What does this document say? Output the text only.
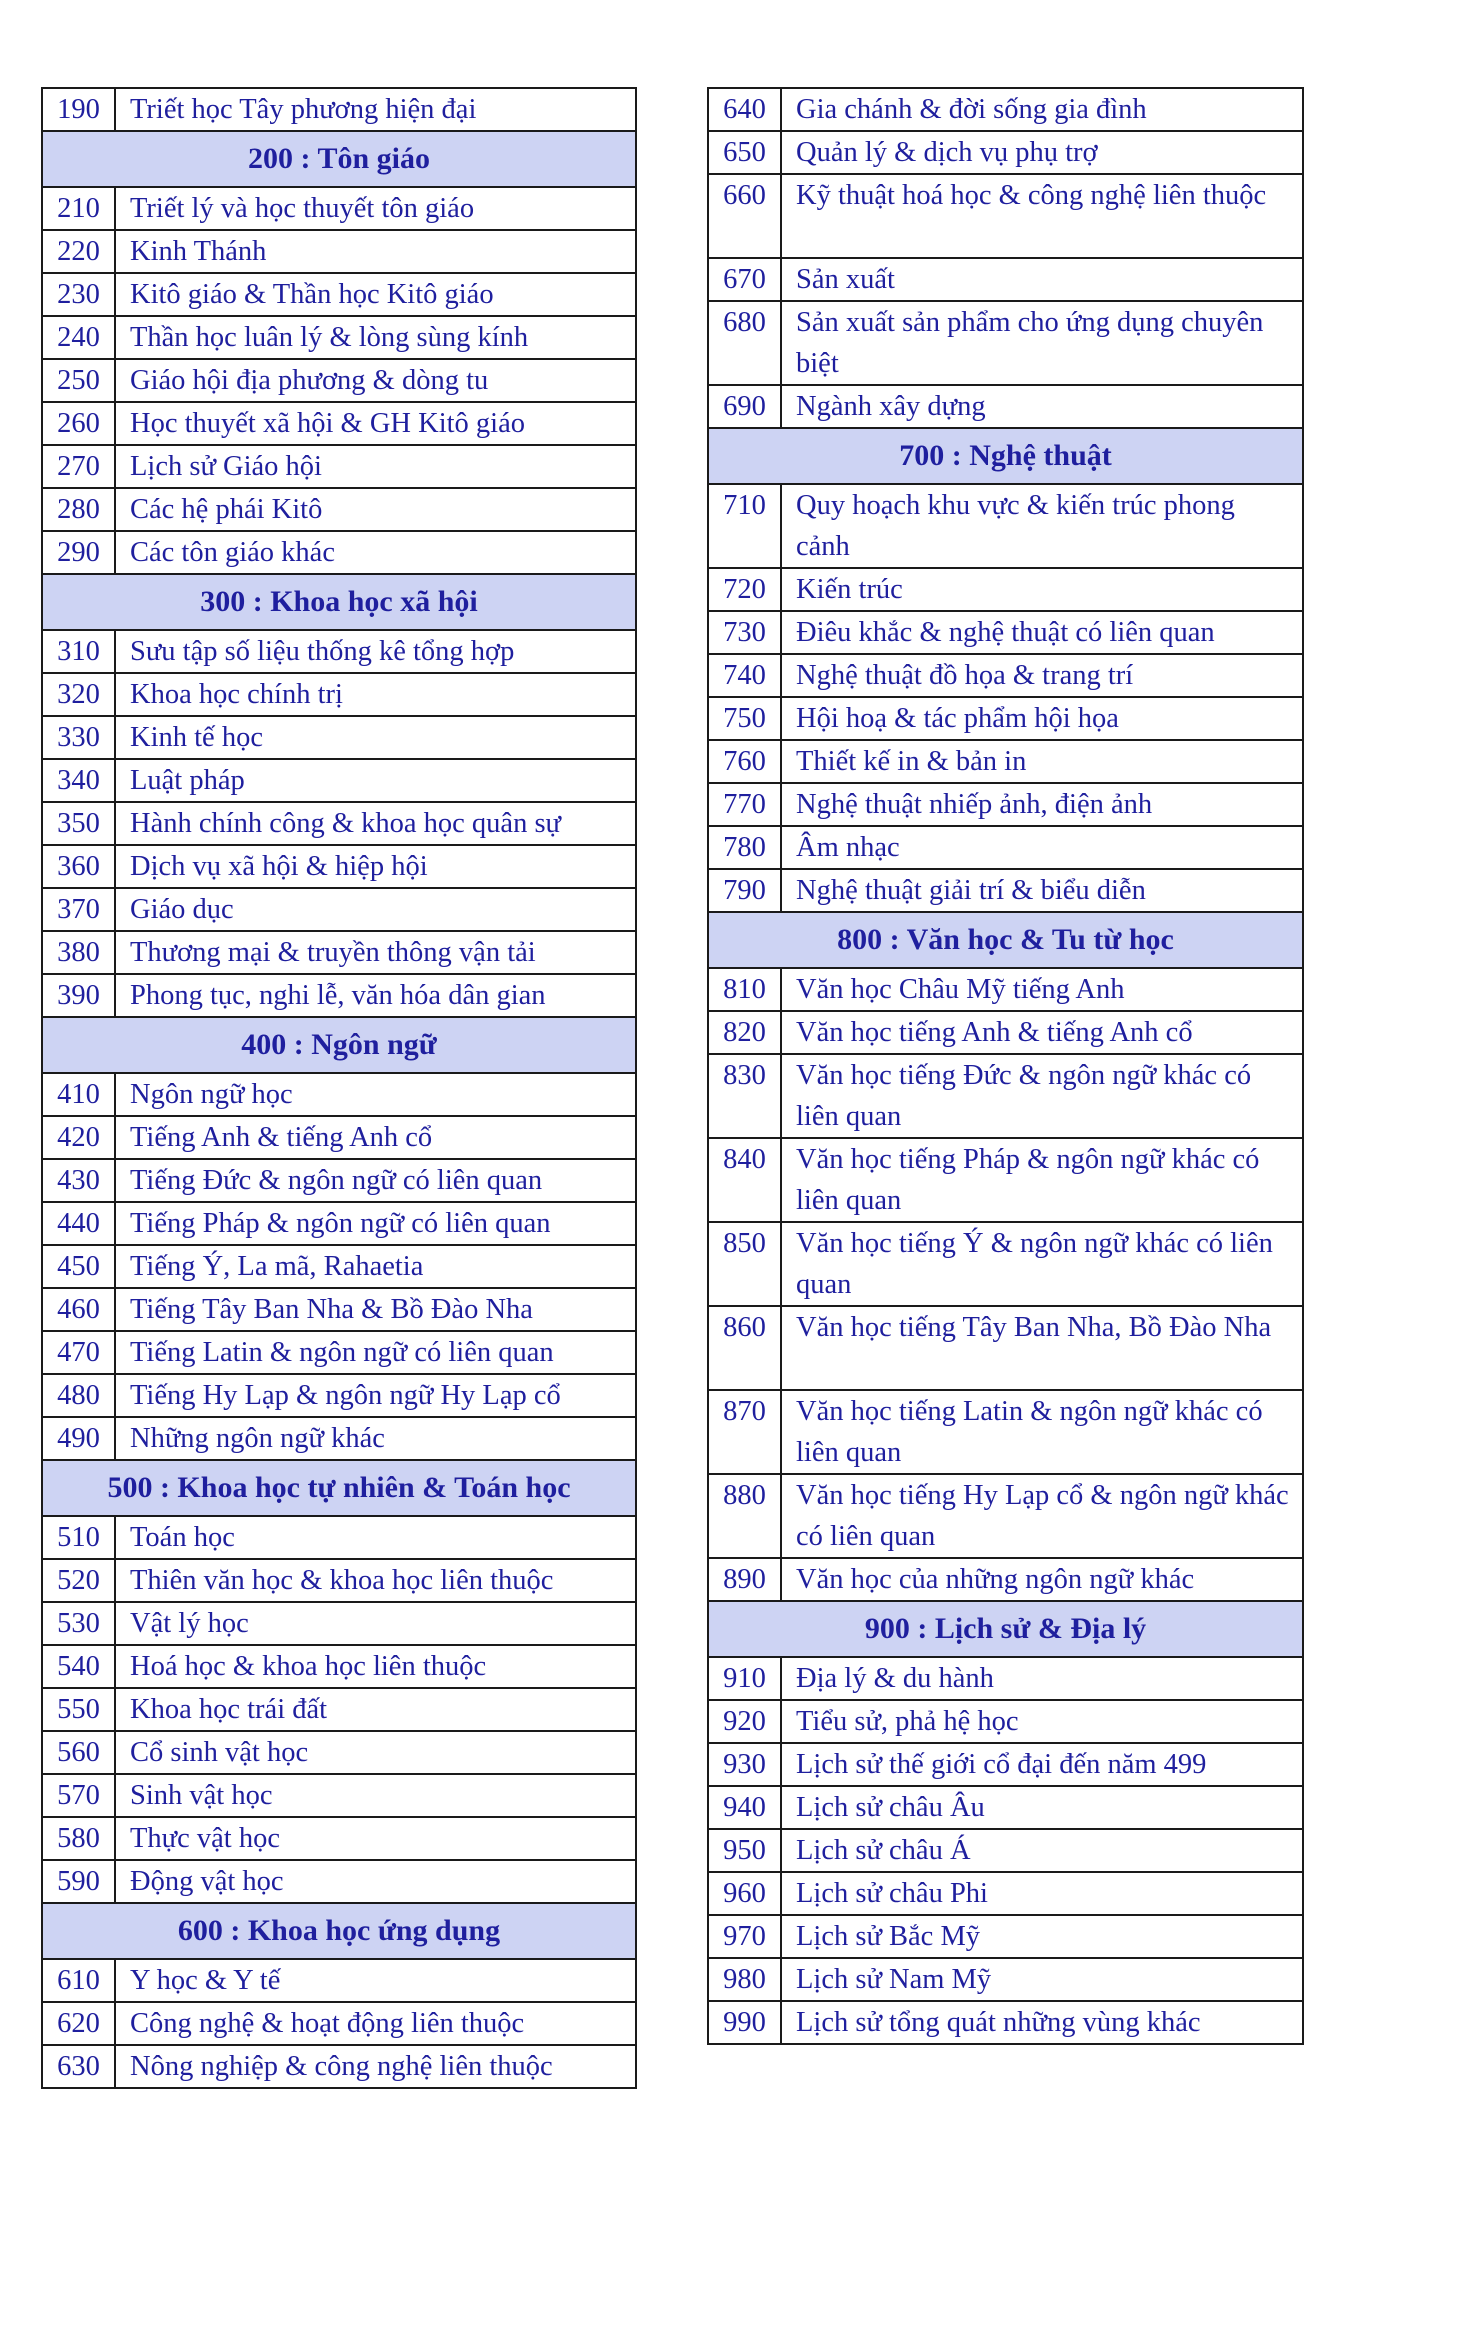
190	Triết học Tây phương hiện đại
200 : Tôn giáo	
210	Triết lý và học thuyết tôn giáo
220	Kinh Thánh
230	Kitô giáo & Thần học Kitô giáo
240	Thần học luân lý & lòng sùng kính
250	Giáo hội địa phương & dòng tu
260	Học thuyết xã hội & GH Kitô giáo
270	Lịch sử Giáo hội
280	Các hệ phái Kitô
290	Các tôn giáo khác
300 : Khoa học xã hội	
310	Sưu tập số liệu thống kê tổng hợp
320	Khoa học chính trị
330	Kinh tế học
340	Luật pháp
350	Hành chính công & khoa học quân sự
360	Dịch vụ xã hội & hiệp hội
370	Giáo dục
380	Thương mại & truyền thông vận tải
390	Phong tục, nghi lễ, văn hóa dân gian
400 : Ngôn ngữ	
410	Ngôn ngữ học
420	Tiếng Anh & tiếng Anh cổ
430	Tiếng Đức & ngôn ngữ có liên quan
440	Tiếng Pháp & ngôn ngữ có liên quan
450	Tiếng Ý, La mã, Rahaetia
460	Tiếng Tây Ban Nha & Bồ Đào Nha
470	Tiếng Latin & ngôn ngữ có liên quan
480	Tiếng Hy Lạp & ngôn ngữ Hy Lạp cổ
490	Những ngôn ngữ khác
500 : Khoa học tự nhiên & Toán học	
510	Toán học
520	Thiên văn học & khoa học liên thuộc
530	Vật lý học
540	Hoá học & khoa học liên thuộc
550	Khoa học trái đất
560	Cổ sinh vật học
570	Sinh vật học
580	Thực vật học
590	Động vật học
600 : Khoa học ứng dụng	
610	Y học & Y tế
620	Công nghệ & hoạt động liên thuộc
630	Nông nghiệp & công nghệ liên thuộc
640	Gia chánh & đời sống gia đình
650	Quản lý & dịch vụ phụ trợ
660	Kỹ thuật hoá học & công nghệ liên thuộc
670	Sản xuất
680	Sản xuất sản phẩm cho ứng dụng chuyên biệt
690	Ngành xây dựng
700 : Nghệ thuật	
710	Quy hoạch khu vực & kiến trúc phong cảnh
720	Kiến trúc
730	Điêu khắc & nghệ thuật có liên quan
740	Nghệ thuật đồ họa & trang trí
750	Hội hoạ & tác phẩm hội họa
760	Thiết kế in & bản in
770	Nghệ thuật nhiếp ảnh, điện ảnh
780	Âm nhạc
790	Nghệ thuật giải trí & biểu diễn
800 : Văn học & Tu từ học	
810	Văn học Châu Mỹ tiếng Anh
820	Văn học tiếng Anh & tiếng Anh cổ
830	Văn học tiếng Đức & ngôn ngữ khác có liên quan
840	Văn học tiếng Pháp & ngôn ngữ khác có liên quan
850	Văn học tiếng Ý & ngôn ngữ khác có liên quan
860	Văn học tiếng Tây Ban Nha, Bồ Đào Nha
870	Văn học tiếng Latin & ngôn ngữ khác có liên quan
880	Văn học tiếng Hy Lạp cổ & ngôn ngữ khác có liên quan
890	Văn học của những ngôn ngữ khác
900 : Lịch sử & Địa lý	
910	Địa lý & du hành
920	Tiểu sử, phả hệ học
930	Lịch sử thế giới cổ đại đến năm 499
940	Lịch sử châu Âu
950	Lịch sử châu Á
960	Lịch sử châu Phi
970	Lịch sử Bắc Mỹ
980	Lịch sử Nam Mỹ
990	Lịch sử tổng quát những vùng khác
